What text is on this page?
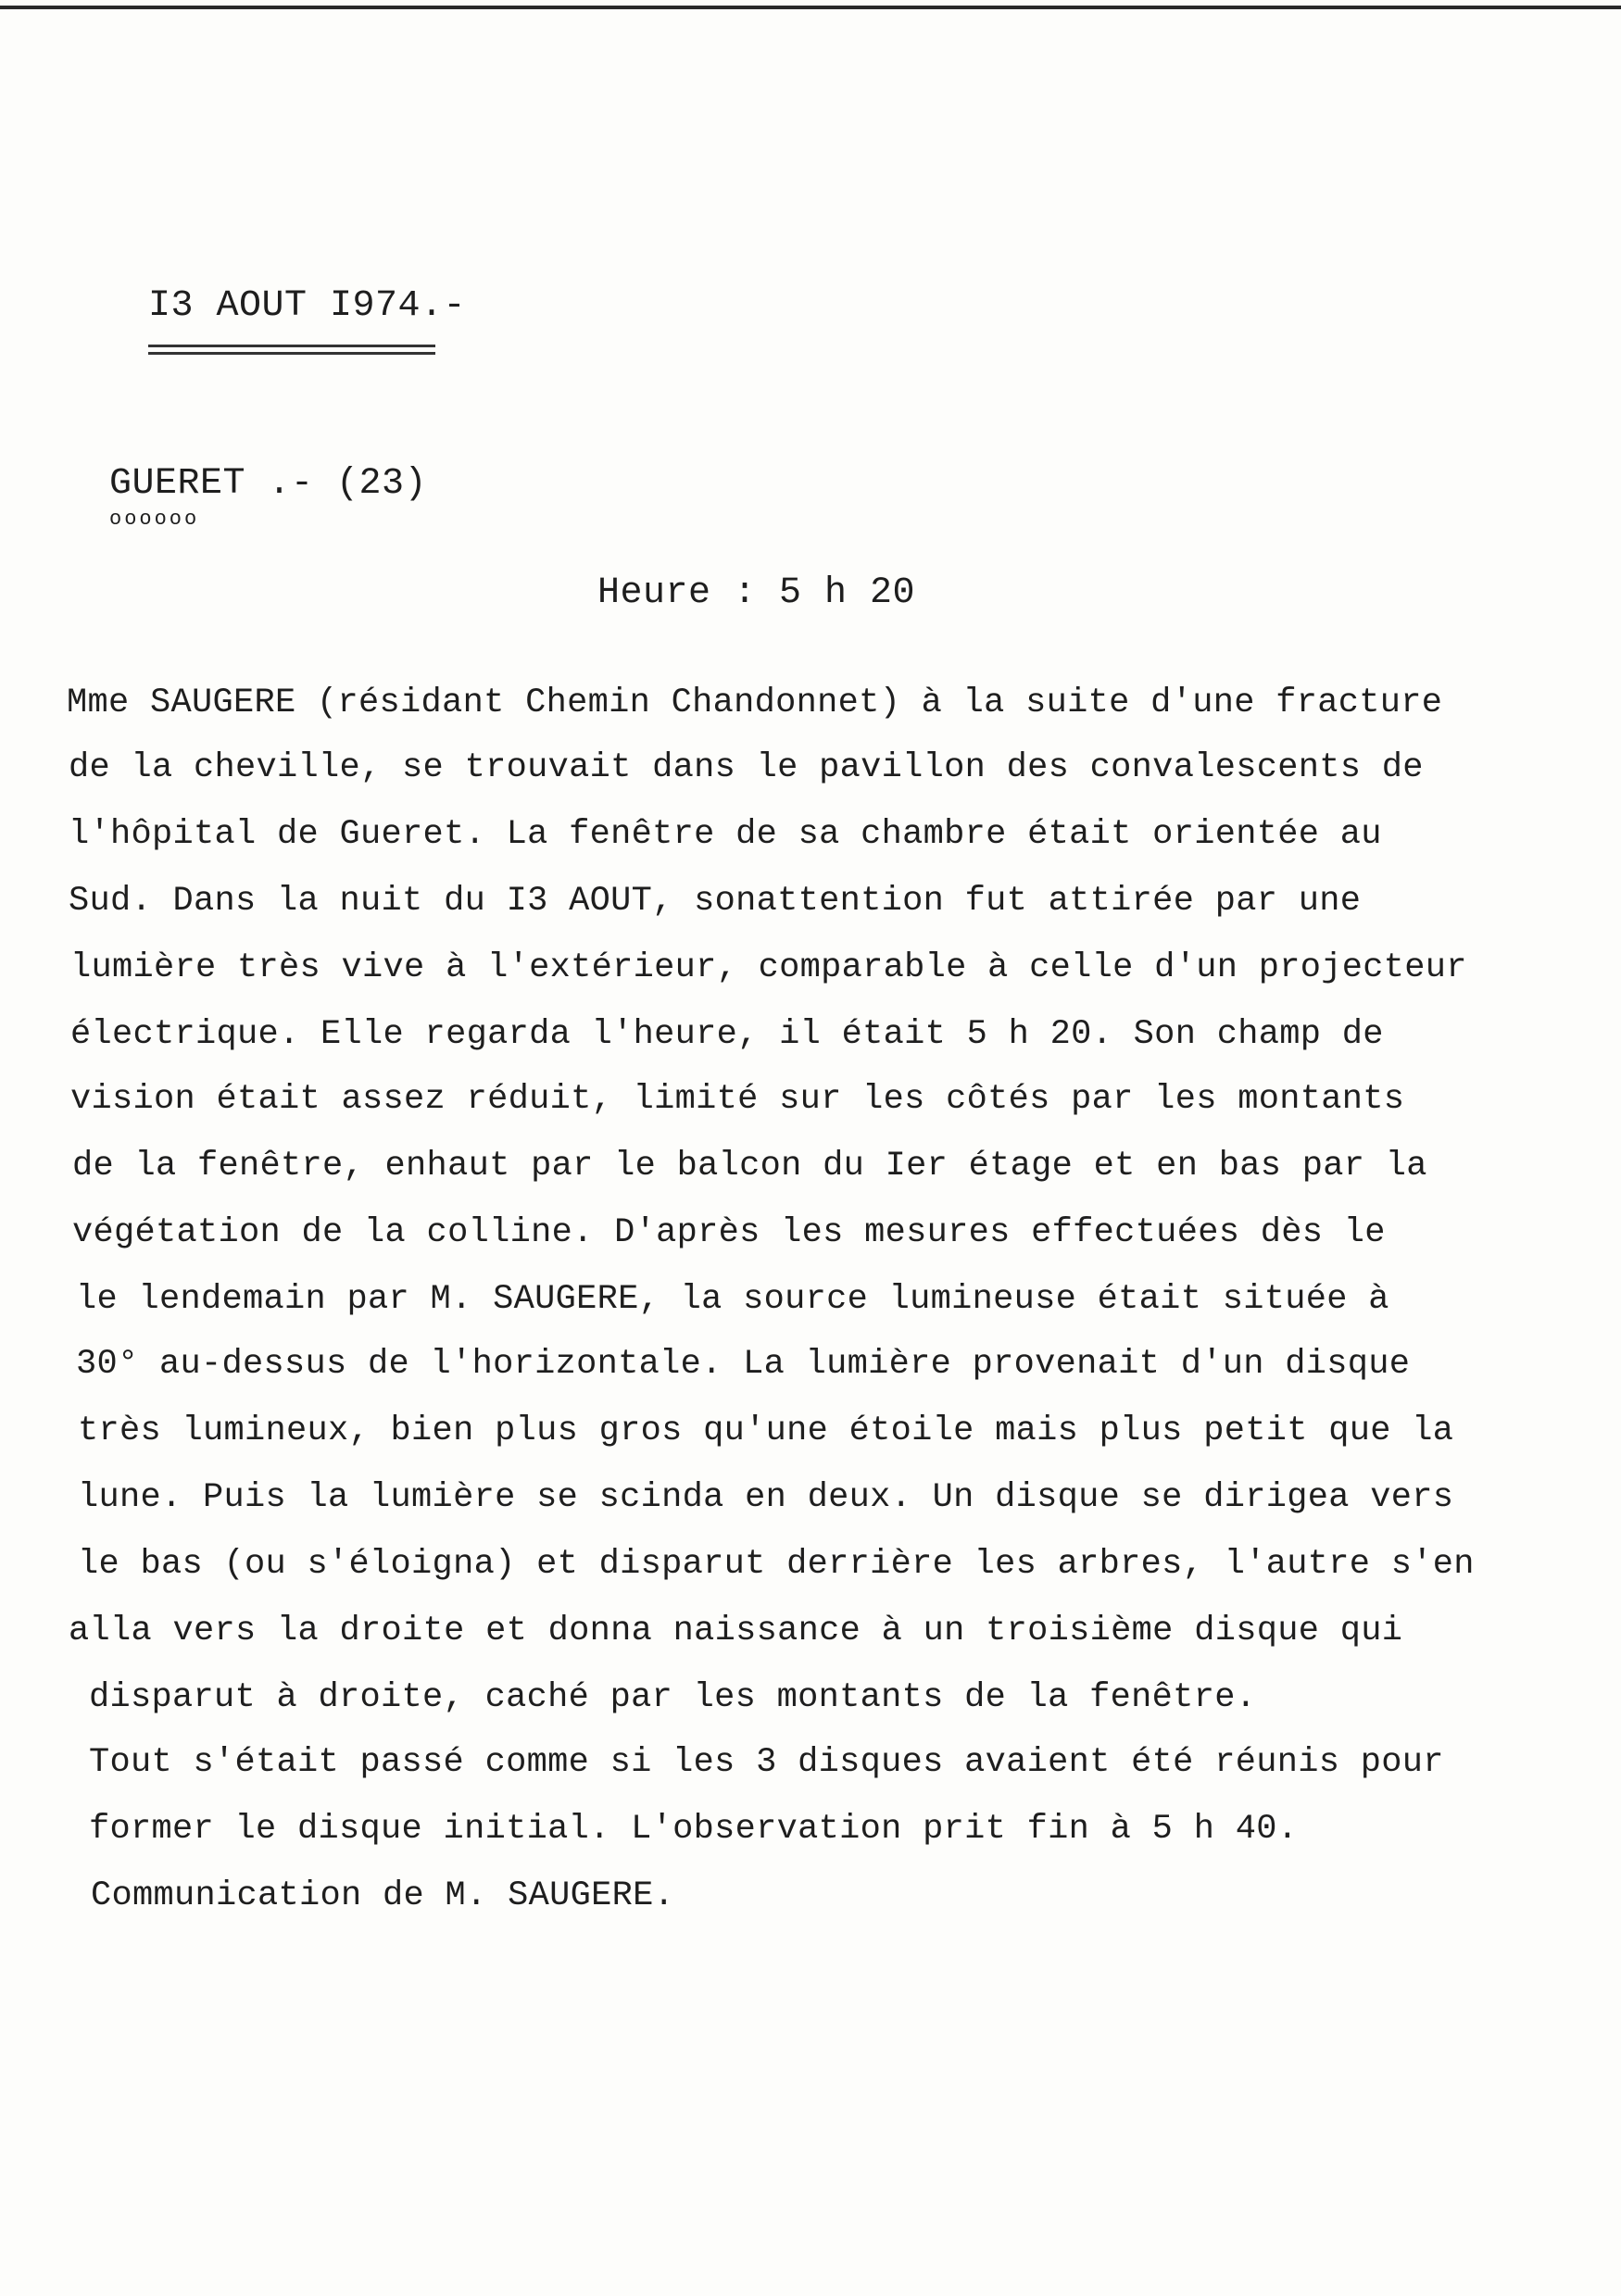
I3 AOUT I974.-
GUERET .- (23)
oooooo
Heure : 5 h 20
Mme SAUGERE (résidant Chemin Chandonnet) à la suite d'une fracture
de la cheville, se trouvait dans le pavillon des convalescents de
l'hôpital de Gueret. La fenêtre de sa chambre était orientée au
Sud. Dans la nuit du I3 AOUT, sonattention fut attirée par une
lumière très vive à l'extérieur, comparable à celle d'un projecteur
électrique. Elle regarda l'heure, il était 5 h 20. Son champ de
vision était assez réduit, limité sur les côtés par les montants
de la fenêtre, enhaut par le balcon du Ier étage et en bas par la
végétation de la colline. D'après les mesures effectuées dès le
le lendemain par M. SAUGERE, la source lumineuse était située à
30° au-dessus de l'horizontale. La lumière provenait d'un disque
très lumineux, bien plus gros qu'une étoile mais plus petit que la
lune. Puis la lumière se scinda en deux. Un disque se dirigea vers
le bas (ou s'éloigna) et disparut derrière les arbres, l'autre s'en
alla vers la droite et donna naissance à un troisième disque qui
disparut à droite, caché par les montants de la fenêtre.
Tout s'était passé comme si les 3 disques avaient été réunis pour
former le disque initial. L'observation prit fin à 5 h 40.
Communication de M. SAUGERE.
